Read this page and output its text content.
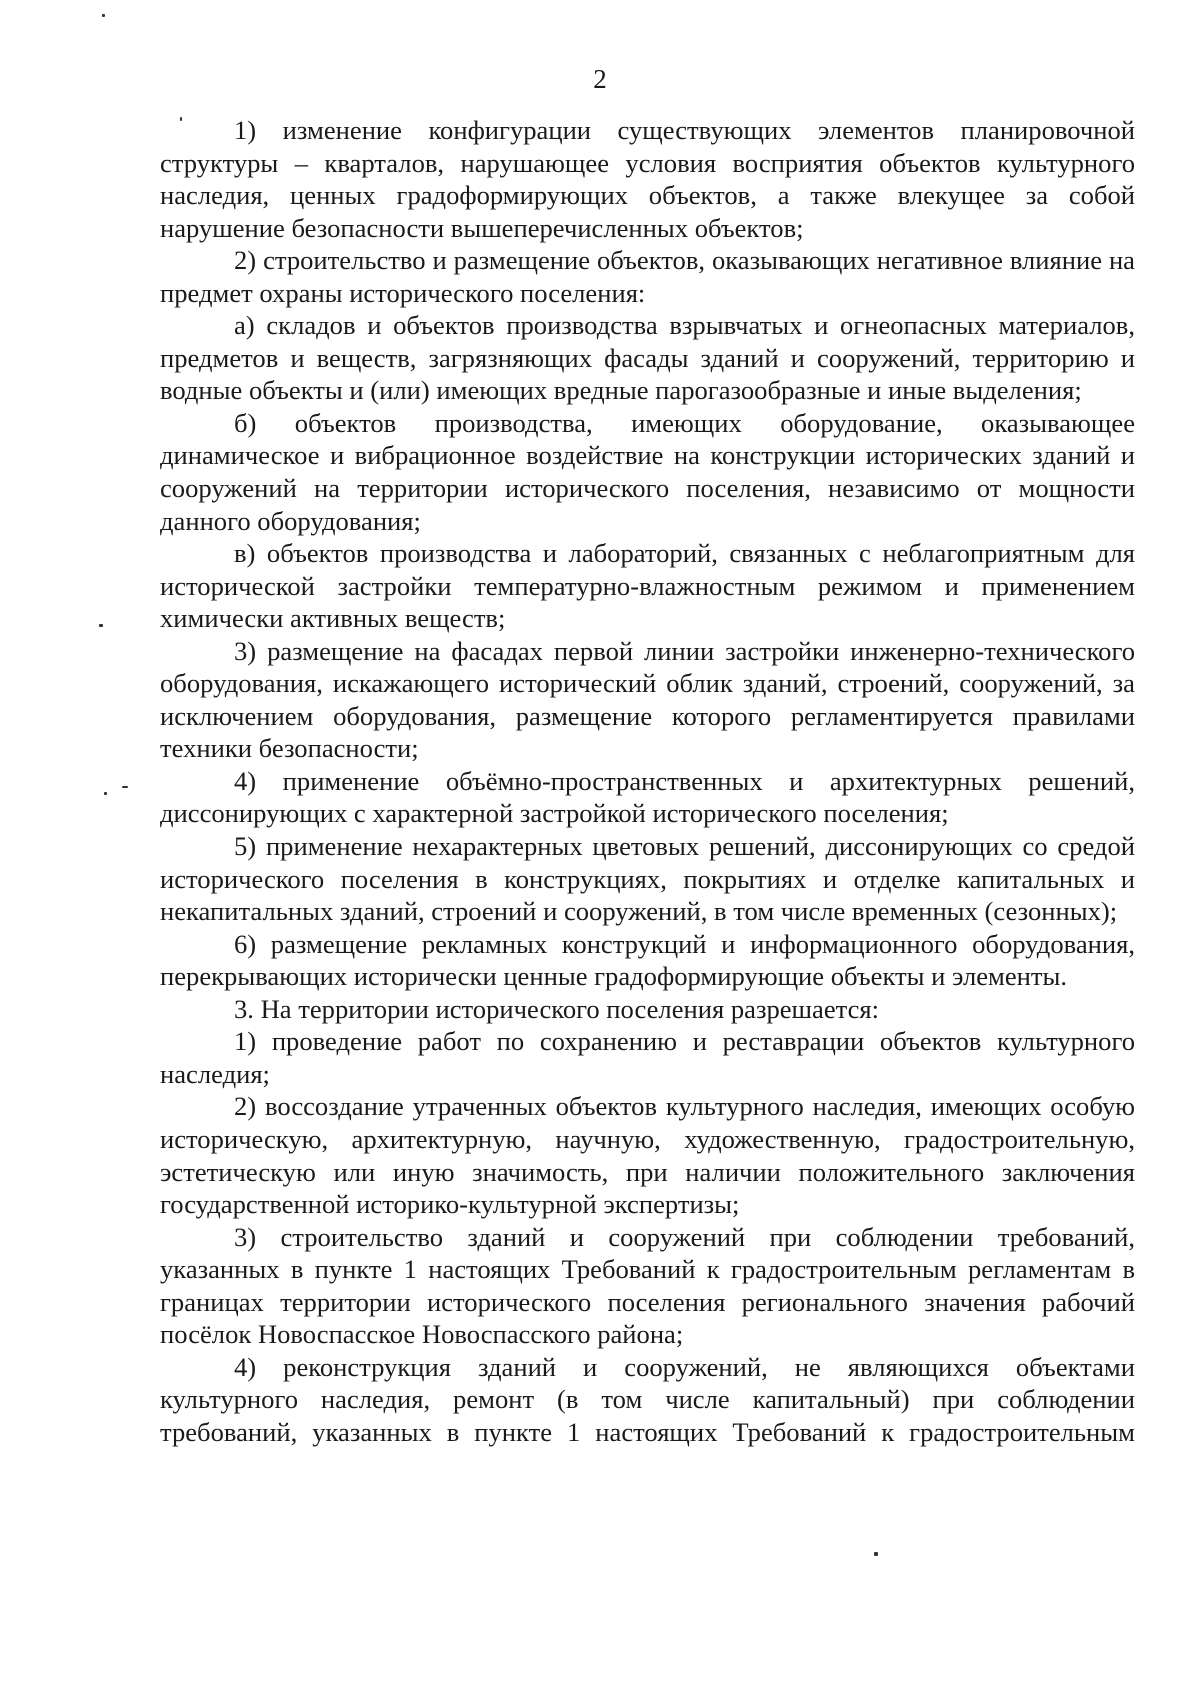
2

1) изменение конфигурации существующих элементов планировочной структуры – кварталов, нарушающее условия восприятия объектов культурного наследия, ценных градоформирующих объектов, а также влекущее за собой нарушение безопасности вышеперечисленных объектов;

2) строительство и размещение объектов, оказывающих негативное влияние на предмет охраны исторического поселения:

а) складов и объектов производства взрывчатых и огнеопасных материалов, предметов и веществ, загрязняющих фасады зданий и сооружений, территорию и водные объекты и (или) имеющих вредные парогазообразные и иные выделения;

б) объектов производства, имеющих оборудование, оказывающее динамическое и вибрационное воздействие на конструкции исторических зданий и сооружений на территории исторического поселения, независимо от мощности данного оборудования;

в) объектов производства и лабораторий, связанных с неблагоприятным для исторической застройки температурно-влажностным режимом и применением химически активных веществ;

3) размещение на фасадах первой линии застройки инженерно-технического оборудования, искажающего исторический облик зданий, строений, сооружений, за исключением оборудования, размещение которого регламентируется правилами техники безопасности;

4) применение объёмно-пространственных и архитектурных решений, диссонирующих с характерной застройкой исторического поселения;

5) применение нехарактерных цветовых решений, диссонирующих со средой исторического поселения в конструкциях, покрытиях и отделке капитальных и некапитальных зданий, строений и сооружений, в том числе временных (сезонных);

6) размещение рекламных конструкций и информационного оборудования, перекрывающих исторически ценные градоформирующие объекты и элементы.

3. На территории исторического поселения разрешается:

1) проведение работ по сохранению и реставрации объектов культурного наследия;

2) воссоздание утраченных объектов культурного наследия, имеющих особую историческую, архитектурную, научную, художественную, градостроительную, эстетическую или иную значимость, при наличии положительного заключения государственной историко-культурной экспертизы;

3) строительство зданий и сооружений при соблюдении требований, указанных в пункте 1 настоящих Требований к градостроительным регламентам в границах территории исторического поселения регионального значения рабочий посёлок Новоспасское Новоспасского района;

4) реконструкция зданий и сооружений, не являющихся объектами культурного наследия, ремонт (в том числе капитальный) при соблюдении требований, указанных в пункте 1 настоящих Требований к градостроительным
